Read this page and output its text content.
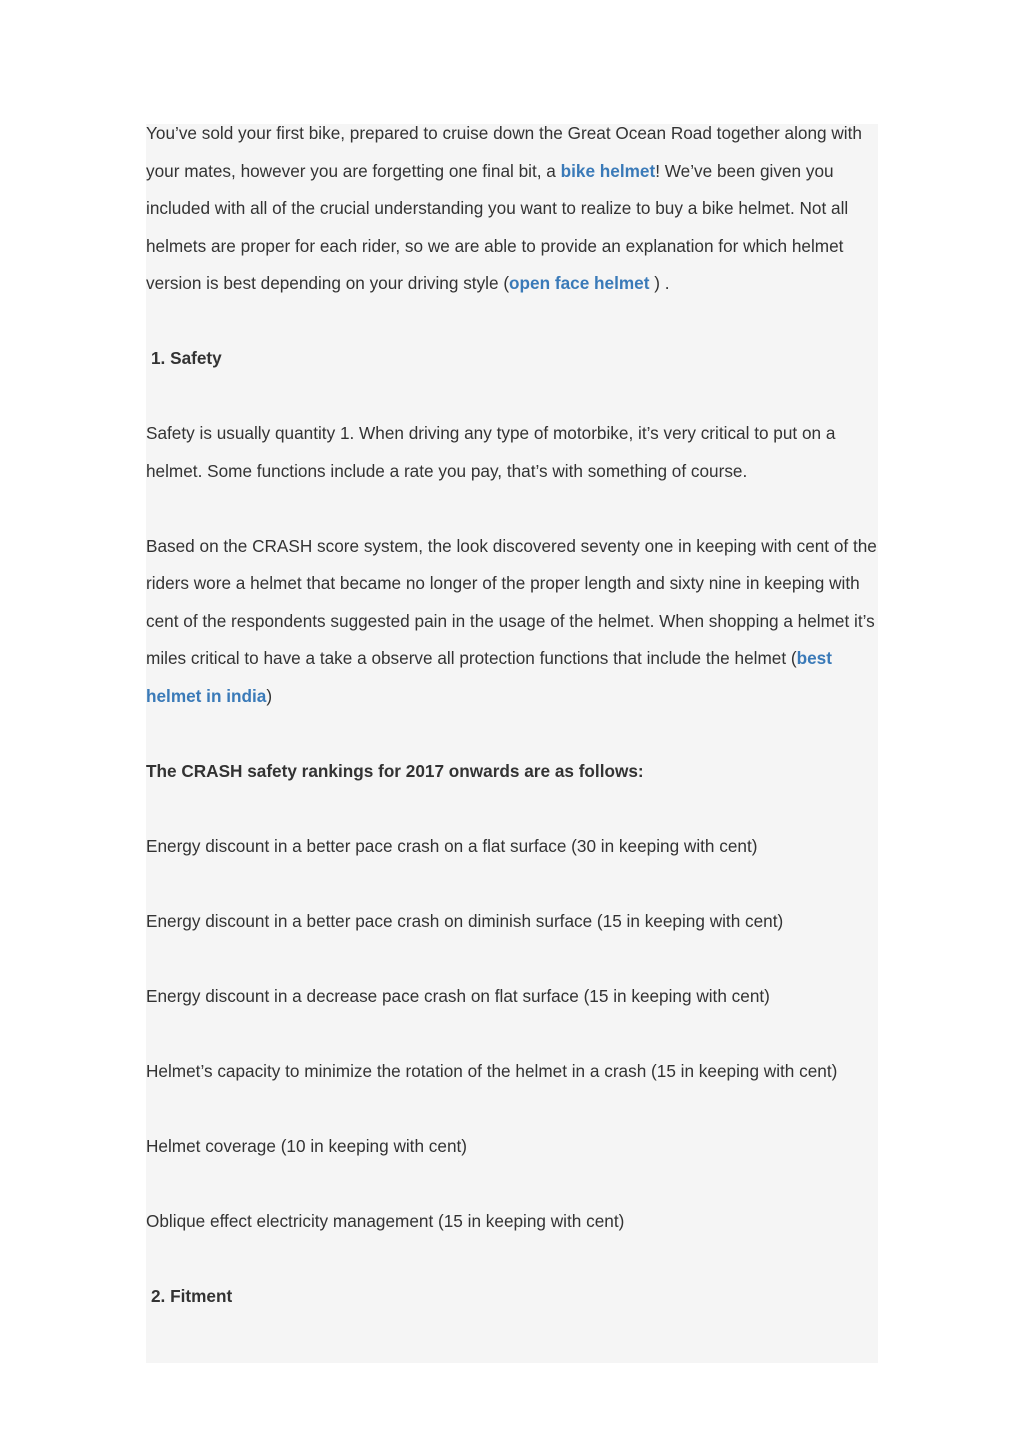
You’ve sold your first bike, prepared to cruise down the Great Ocean Road together along with your mates, however you are forgetting one final bit, a bike helmet! We’ve been given you included with all of the crucial understanding you want to realize to buy a bike helmet. Not all helmets are proper for each rider, so we are able to provide an explanation for which helmet version is best depending on your driving style (open face helmet ) .

1. Safety

Safety is usually quantity 1. When driving any type of motorbike, it’s very critical to put on a helmet. Some functions include a rate you pay, that’s with something of course.

Based on the CRASH score system, the look discovered seventy one in keeping with cent of the riders wore a helmet that became no longer of the proper length and sixty nine in keeping with cent of the respondents suggested pain in the usage of the helmet. When shopping a helmet it’s miles critical to have a take a observe all protection functions that include the helmet (best helmet in india)

The CRASH safety rankings for 2017 onwards are as follows:

Energy discount in a better pace crash on a flat surface (30 in keeping with cent)

Energy discount in a better pace crash on diminish surface (15 in keeping with cent)

Energy discount in a decrease pace crash on flat surface (15 in keeping with cent)

Helmet’s capacity to minimize the rotation of the helmet in a crash (15 in keeping with cent)

Helmet coverage (10 in keeping with cent)

Oblique effect electricity management (15 in keeping with cent)

2. Fitment
